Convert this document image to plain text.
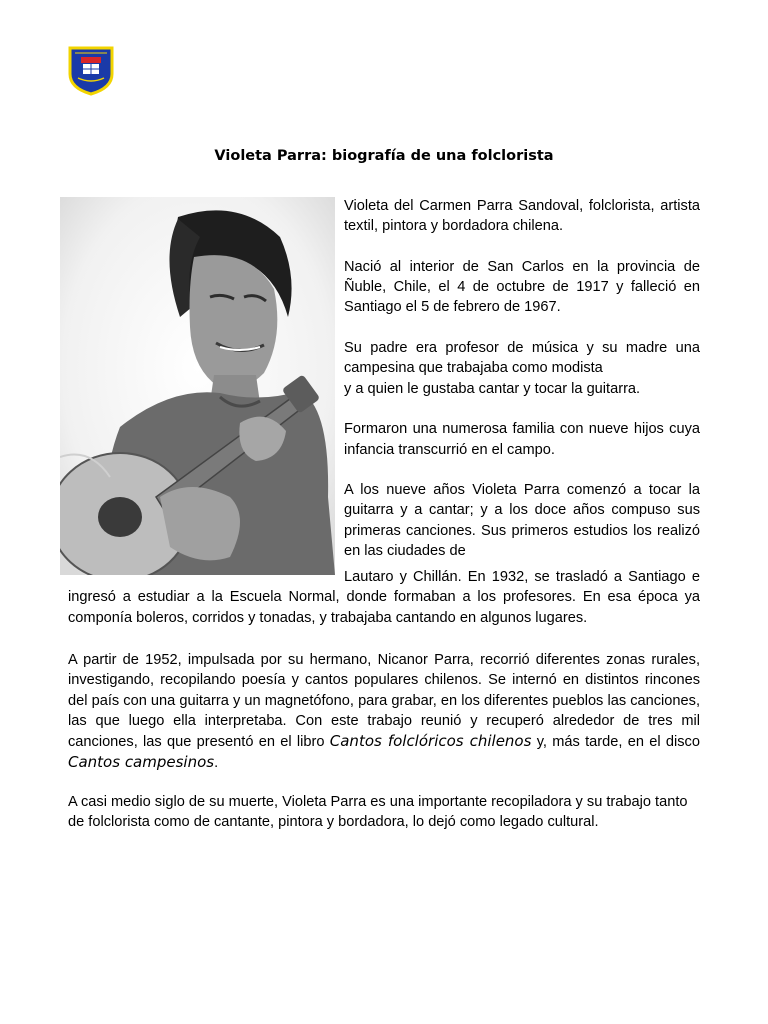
Violeta Parra: biografía de una folclorista

Violeta del Carmen Parra Sandoval, folclorista, artista textil, pintora y bordadora chilena.

Nació al interior de San Carlos en la provincia de Ñuble, Chile, el 4 de octubre de 1917 y falleció en Santiago el 5 de febrero de 1967.

Su padre era profesor de música y su madre una campesina que trabajaba como modista

y a quien le gustaba cantar y tocar la guitarra.

Formaron una numerosa familia con nueve hijos cuya infancia transcurrió en el campo.

A los nueve años Violeta Parra comenzó a tocar la guitarra y a cantar; y a los doce años compuso sus primeras canciones. Sus primeros estudios los realizó en las ciudades de

Lautaro y Chillán. En 1932, se trasladó a Santiago e ingresó a estudiar a la Escuela Normal, donde formaban a los profesores. En esa época ya componía boleros, corridos y tonadas, y trabajaba cantando en algunos lugares.

A partir de 1952, impulsada por su hermano, Nicanor Parra, recorrió diferentes zonas rurales, investigando, recopilando poesía y cantos populares chilenos. Se internó en distintos rincones del país con una guitarra y un magnetófono, para grabar, en los diferentes pueblos las canciones, las que luego ella interpretaba. Con este trabajo reunió y recuperó alrededor de tres mil canciones, las que presentó en el libro Cantos folclóricos chilenos y, más tarde, en el disco Cantos campesinos.

A casi medio siglo de su muerte, Violeta Parra es una importante recopiladora y su trabajo tanto de folclorista como de cantante, pintora y bordadora, lo dejó como legado cultural.
